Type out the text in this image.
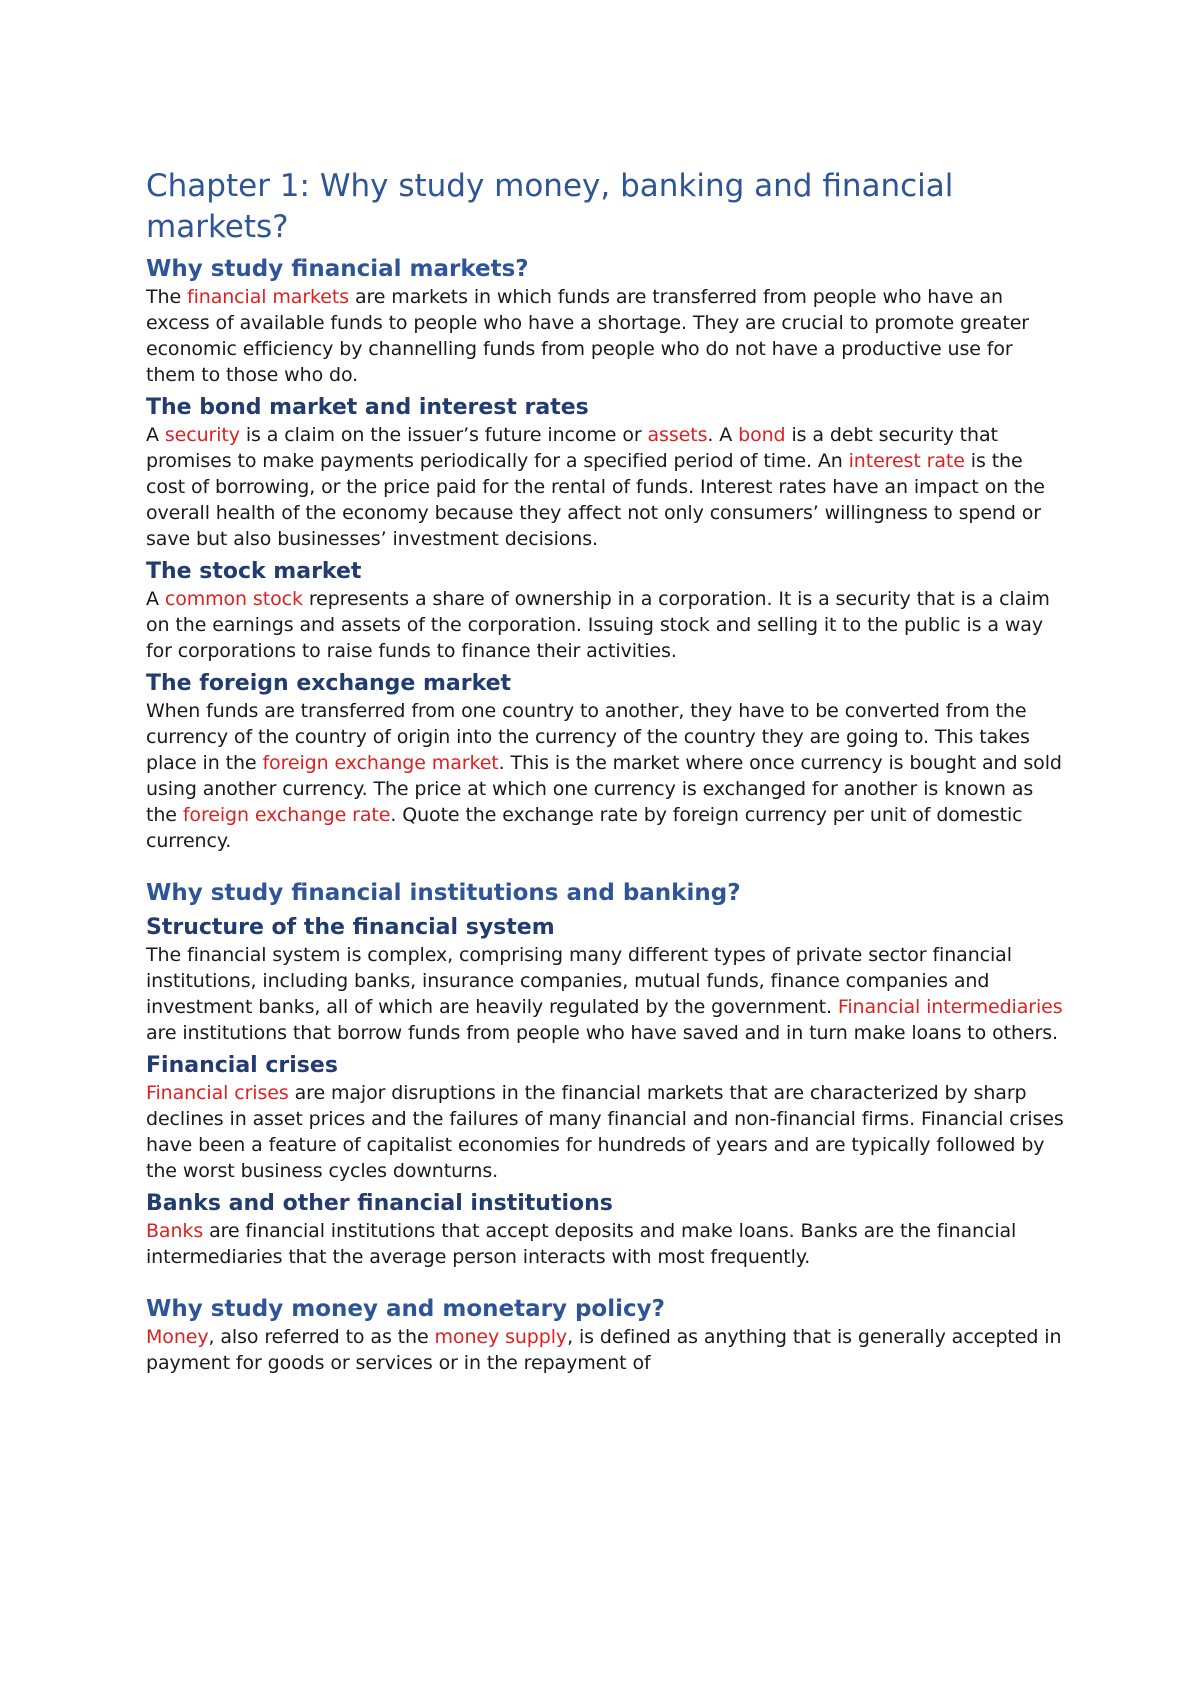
Chapter 1: Why study money, banking and financial markets?
Why study financial markets?

The financial markets are markets in which funds are transferred from people who have an excess of available funds to people who have a shortage. They are crucial to promote greater economic efficiency by channelling funds from people who do not have a productive use for them to those who do.

The bond market and interest rates

A security is a claim on the issuer’s future income or assets. A bond is a debt security that promises to make payments periodically for a specified period of time. An interest rate is the cost of borrowing, or the price paid for the rental of funds. Interest rates have an impact on the overall health of the economy because they affect not only consumers’ willingness to spend or save but also businesses’ investment decisions.

The stock market

A common stock represents a share of ownership in a corporation. It is a security that is a claim on the earnings and assets of the corporation. Issuing stock and selling it to the public is a way for corporations to raise funds to finance their activities.

The foreign exchange market

When funds are transferred from one country to another, they have to be converted from the currency of the country of origin into the currency of the country they are going to. This takes place in the foreign exchange market. This is the market where once currency is bought and sold using another currency. The price at which one currency is exchanged for another is known as the foreign exchange rate. Quote the exchange rate by foreign currency per unit of domestic currency.

Why study financial institutions and banking?
Structure of the financial system

The financial system is complex, comprising many different types of private sector financial institutions, including banks, insurance companies, mutual funds, finance companies and investment banks, all of which are heavily regulated by the government. Financial intermediaries are institutions that borrow funds from people who have saved and in turn make loans to others.

Financial crises

Financial crises are major disruptions in the financial markets that are characterized by sharp declines in asset prices and the failures of many financial and non-financial firms. Financial crises have been a feature of capitalist economies for hundreds of years and are typically followed by the worst business cycles downturns.

Banks and other financial institutions

Banks are financial institutions that accept deposits and make loans. Banks are the financial intermediaries that the average person interacts with most frequently.

Why study money and monetary policy?

Money, also referred to as the money supply, is defined as anything that is generally accepted in payment for goods or services or in the repayment of
